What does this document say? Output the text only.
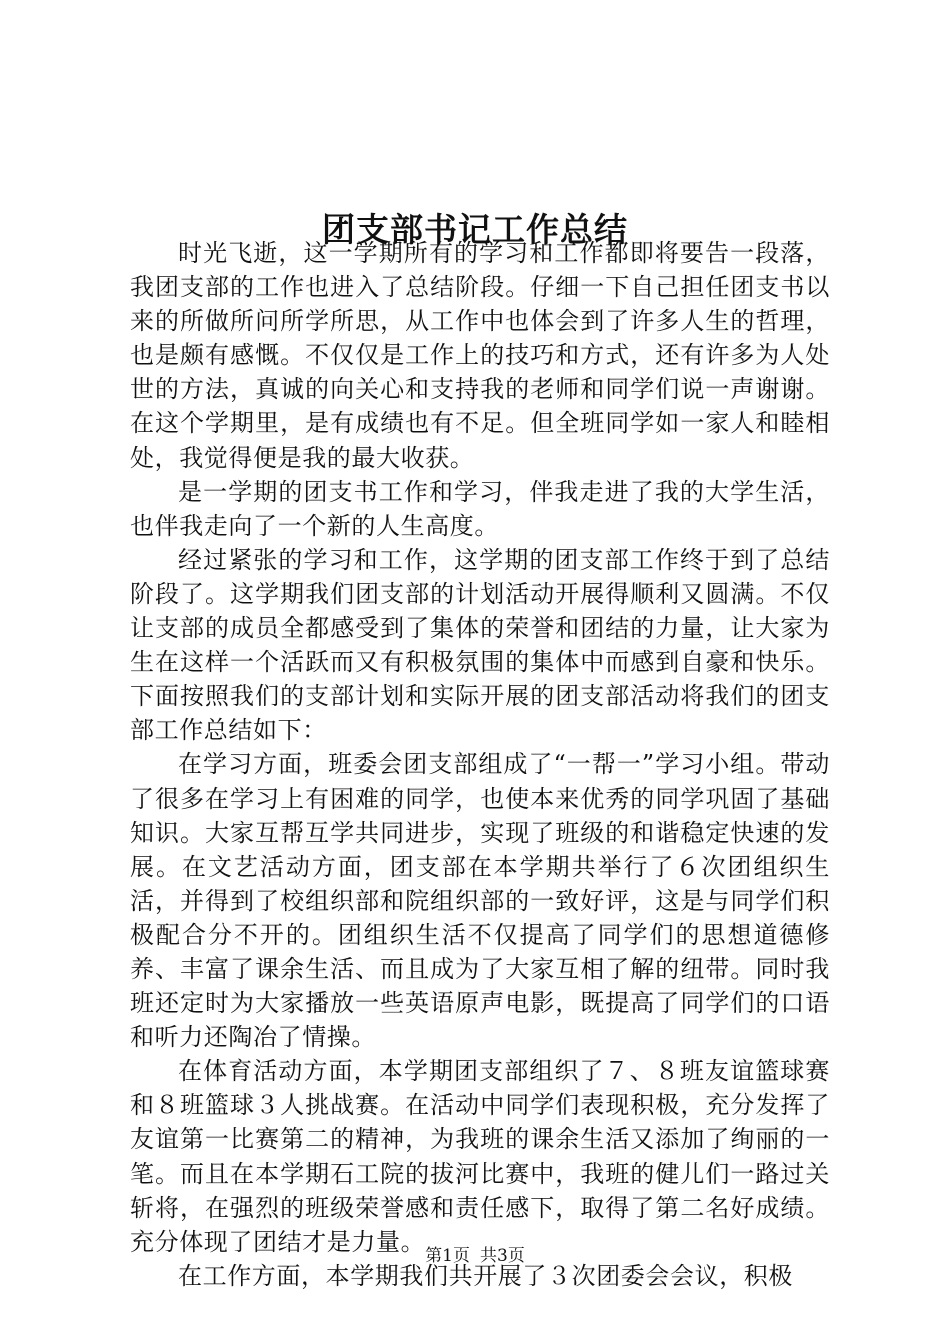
团支部书记工作总结

时光飞逝，这一学期所有的学习和工作都即将要告一段落，我团支部的工作也进入了总结阶段。仔细一下自己担任团支书以来的所做所问所学所思，从工作中也体会到了许多人生的哲理，也是颇有感慨。不仅仅是工作上的技巧和方式，还有许多为人处世的方法，真诚的向关心和支持我的老师和同学们说一声谢谢。在这个学期里，是有成绩也有不足。但全班同学如一家人和睦相处，我觉得便是我的最大收获。

是一学期的团支书工作和学习，伴我走进了我的大学生活，也伴我走向了一个新的人生高度。

经过紧张的学习和工作，这学期的团支部工作终于到了总结阶段了。这学期我们团支部的计划活动开展得顺利又圆满。不仅让支部的成员全都感受到了集体的荣誉和团结的力量，让大家为生在这样一个活跃而又有积极氛围的集体中而感到自豪和快乐。下面按照我们的支部计划和实际开展的团支部活动将我们的团支部工作总结如下：

在学习方面，班委会团支部组成了“一帮一”学习小组。带动了很多在学习上有困难的同学，也使本来优秀的同学巩固了基础知识。大家互帮互学共同进步，实现了班级的和谐稳定快速的发展。在文艺活动方面，团支部在本学期共举行了６次团组织生活，并得到了校组织部和院组织部的一致好评，这是与同学们积极配合分不开的。团组织生活不仅提高了同学们的思想道德修养、丰富了课余生活、而且成为了大家互相了解的纽带。同时我班还定时为大家播放一些英语原声电影，既提高了同学们的口语和听力还陶冶了情操。

在体育活动方面，本学期团支部组织了７、８班友谊篮球赛和８班篮球３人挑战赛。在活动中同学们表现积极，充分发挥了友谊第一比赛第二的精神，为我班的课余生活又添加了绚丽的一笔。而且在本学期石工院的拔河比赛中，我班的健儿们一路过关斩将，在强烈的班级荣誉感和责任感下，取得了第二名好成绩。充分体现了团结才是力量。

在工作方面，本学期我们共开展了３次团委会会议，积极

第1页 共3页
